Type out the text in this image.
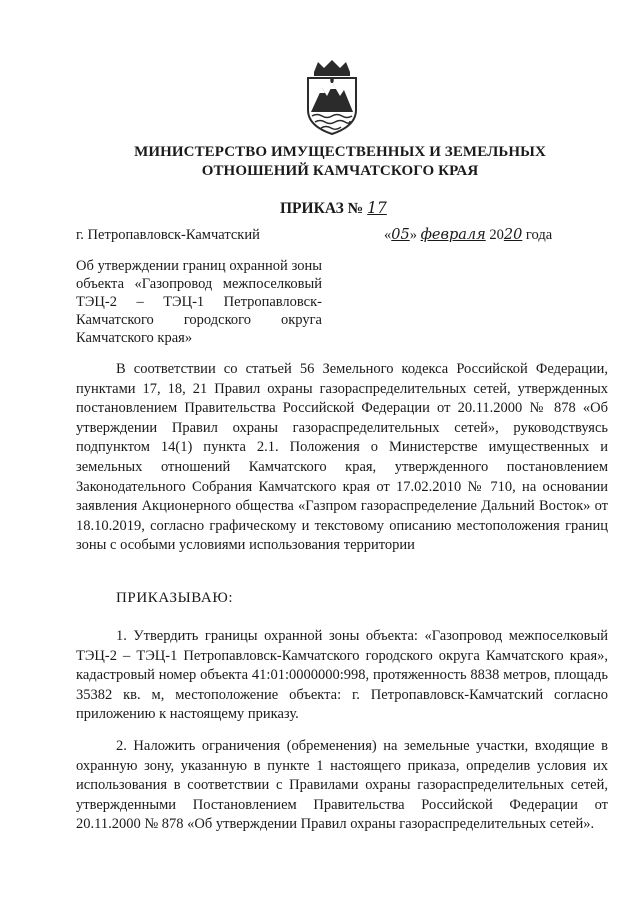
МИНИСТЕРСТВО ИМУЩЕСТВЕННЫХ И ЗЕМЕЛЬНЫХ
ОТНОШЕНИЙ КАМЧАТСКОГО КРАЯ
ПРИКАЗ № 17
г. Петропавловск-Камчатский	«05» февраля 2020 года
Об утверждении границ охранной зоны объекта «Газопровод межпоселковый ТЭЦ-2 – ТЭЦ-1 Петропавловск-Камчатского городского округа Камчатского края»
В соответствии со статьей 56 Земельного кодекса Российской Федерации, пунктами 17, 18, 21 Правил охраны газораспределительных сетей, утвержденных постановлением Правительства Российской Федерации от 20.11.2000 № 878 «Об утверждении Правил охраны газораспределительных сетей», руководствуясь подпунктом 14(1) пункта 2.1. Положения о Министерстве имущественных и земельных отношений Камчатского края, утвержденного постановлением Законодательного Собрания Камчатского края от 17.02.2010 № 710, на основании заявления Акционерного общества «Газпром газораспределение Дальний Восток» от 18.10.2019, согласно графическому и текстовому описанию местоположения границ зоны с особыми условиями использования территории
ПРИКАЗЫВАЮ:
1. Утвердить границы охранной зоны объекта: «Газопровод межпоселковый ТЭЦ-2 – ТЭЦ-1 Петропавловск-Камчатского городского округа Камчатского края», кадастровый номер объекта 41:01:0000000:998, протяженность 8838 метров, площадь 35382 кв. м, местоположение объекта: г. Петропавловск-Камчатский согласно приложению к настоящему приказу.
2. Наложить ограничения (обременения) на земельные участки, входящие в охранную зону, указанную в пункте 1 настоящего приказа, определив условия их использования в соответствии с Правилами охраны газораспределительных сетей, утвержденными Постановлением Правительства Российской Федерации от 20.11.2000 № 878 «Об утверждении Правил охраны газораспределительных сетей».
